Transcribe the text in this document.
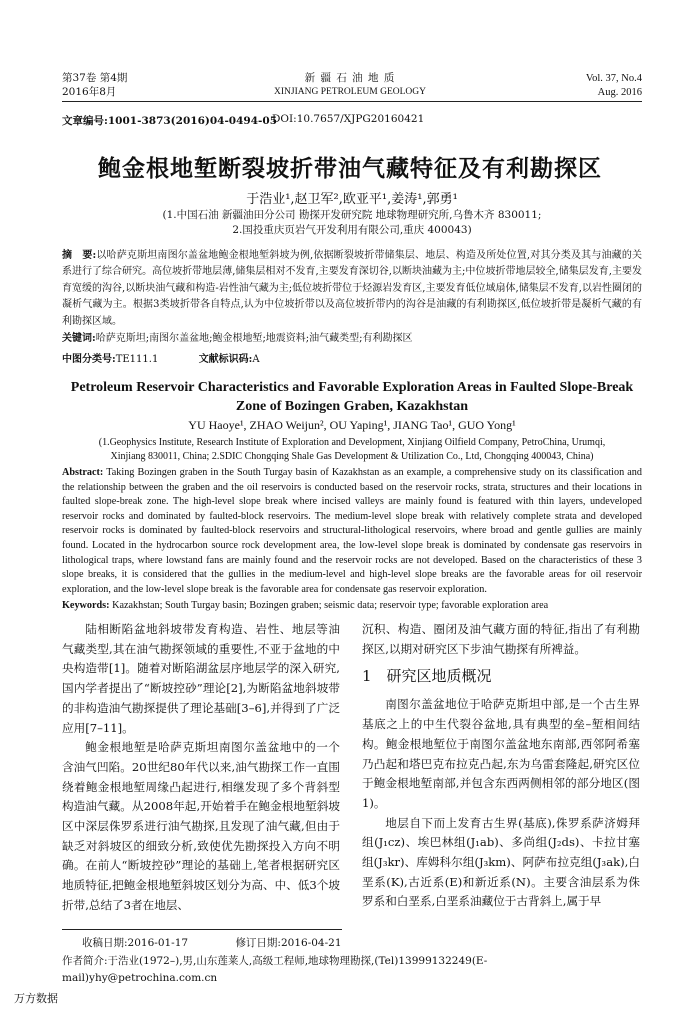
第37卷 第4期
2016年8月
新 疆 石 油 地 质
XINJIANG PETROLEUM GEOLOGY
Vol. 37, No.4
Aug. 2016
文章编号:1001-3873(2016)04-0494-05
DOI:10.7657/XJPG20160421
鲍金根地堑断裂坡折带油气藏特征及有利勘探区
于浩业¹,赵卫军²,欧亚平¹,姜涛¹,郭勇¹
(1.中国石油 新疆油田分公司 勘探开发研究院 地球物理研究所,乌鲁木齐 830011;
2.国投重庆页岩气开发利用有限公司,重庆 400043)
摘　要:以哈萨克斯坦南图尔盖盆地鲍金根地堑斜坡为例,依据断裂坡折带储集层、地层、构造及所处位置,对其分类及其与油藏的关系进行了综合研究。高位坡折带地层薄,储集层相对不发育,主要发育深切谷,以断块油藏为主;中位坡折带地层较全,储集层发育,主要发育宽缓的沟谷,以断块油气藏和构造-岩性油气藏为主;低位坡折带位于烃源岩发育区,主要发育低位域扇体,储集层不发育,以岩性圈闭的凝析气藏为主。根据3类坡折带各自特点,认为中位坡折带以及高位坡折带内的沟谷是油藏的有利勘探区,低位坡折带是凝析气藏的有利勘探区域。
关键词:哈萨克斯坦;南图尔盖盆地;鲍金根地堑;地震资料;油气藏类型;有利勘探区
中图分类号:TE111.1	文献标识码:A
Petroleum Reservoir Characteristics and Favorable Exploration Areas in Faulted Slope-Break Zone of Bozingen Graben, Kazakhstan
YU Haoye¹, ZHAO Weijun², OU Yaping¹, JIANG Tao¹, GUO Yong¹
(1.Geophysics Institute, Research Institute of Exploration and Development, Xinjiang Oilfield Company, PetroChina, Urumqi,
Xinjiang 830011, China; 2.SDIC Chongqing Shale Gas Development & Utilization Co., Ltd, Chongqing 400043, China)
Abstract: Taking Bozingen graben in the South Turgay basin of Kazakhstan as an example, a comprehensive study on its classification and the relationship between the graben and the oil reservoirs is conducted based on the reservoir rocks, strata, structures and their locations in faulted slope-break zone. The high-level slope break where incised valleys are mainly found is featured with thin layers, undeveloped reservoir rocks and dominated by faulted-block reservoirs. The medium-level slope break with relatively complete strata and developed reservoir rocks is dominated by faulted-block reservoirs and structural-lithological reservoirs, where broad and gentle gullies are mainly found. Located in the hydrocarbon source rock development area, the low-level slope break is dominated by condensate gas reservoirs in lithological traps, where lowstand fans are mainly found and the reservoir rocks are not developed. Based on the characteristics of these 3 slope breaks, it is considered that the gullies in the medium-level and high-level slope breaks are the favorable areas for oil reservoir exploration, and the low-level slope break is the favorable area for condensate gas reservoir exploration.
Keywords: Kazakhstan; South Turgay basin; Bozingen graben; seismic data; reservoir type; favorable exploration area

陆相断陷盆地斜坡带发育构造、岩性、地层等油气藏类型,其在油气勘探领域的重要性,不亚于盆地的中央构造带[1]。随着对断陷湖盆层序地层学的深入研究,国内学者提出了“断坡控砂”理论[2],为断陷盆地斜坡带的非构造油气勘探提供了理论基础[3–6],并得到了广泛应用[7–11]。

鲍金根地堑是哈萨克斯坦南图尔盖盆地中的一个含油气凹陷。20世纪80年代以来,油气勘探工作一直围绕着鲍金根地堑周缘凸起进行,相继发现了多个背斜型构造油气藏。从2008年起,开始着手在鲍金根地堑斜坡区中深层侏罗系进行油气勘探,且发现了油气藏,但由于缺乏对斜坡区的细致分析,致使优先勘探投入方向不明确。在前人“断坡控砂”理论的基础上,笔者根据研究区地质特征,把鲍金根地堑斜坡区划分为高、中、低3个坡折带,总结了3者在地层、

沉积、构造、圈闭及油气藏方面的特征,指出了有利勘探区,以期对研究区下步油气勘探有所裨益。

1　研究区地质概况

南图尔盖盆地位于哈萨克斯坦中部,是一个古生界基底之上的中生代裂谷盆地,具有典型的垒–堑相间结构。鲍金根地堑位于南图尔盖盆地东南部,西邻阿希塞乃凸起和塔巴克布拉克凸起,东为乌雷套隆起,研究区位于鲍金根地堑南部,并包含东西两侧相邻的部分地区(图1)。

地层自下而上发育古生界(基底),侏罗系萨济姆拜组(J₁cz)、埃巴林组(J₁ab)、多尚组(J₂ds)、卡拉甘塞组(J₃kr)、库姆科尔组(J₃km)、阿萨布拉克组(J₃ak),白垩系(K),古近系(E)和新近系(N)。主要含油层系为侏罗系和白垩系,白垩系油藏位于古背斜上,属于早

收稿日期:2016-01-17	修订日期:2016-04-21
作者简介:于浩业(1972–),男,山东莲莱人,高级工程师,地球物理勘探,(Tel)13999132249(E-mail)yhy@petrochina.com.cn
万方数据
